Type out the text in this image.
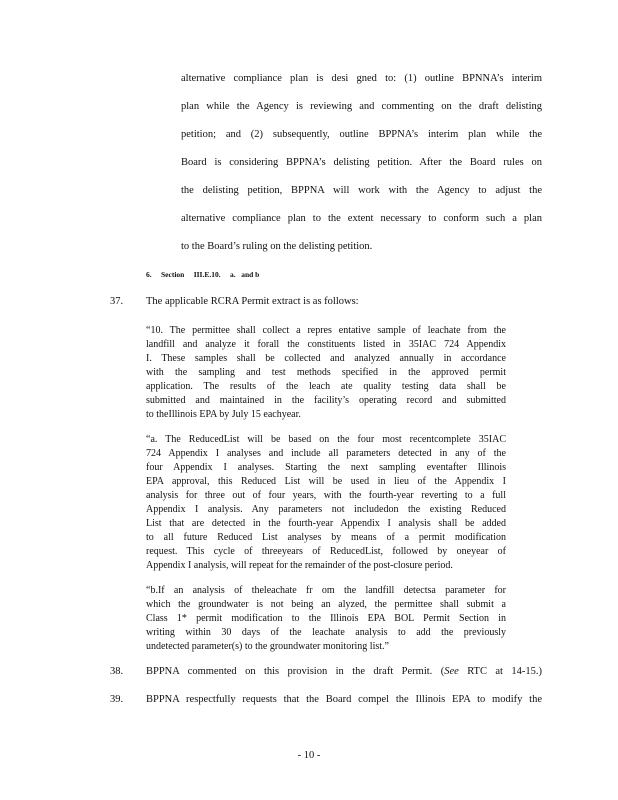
alternative compliance plan is desi gned to: (1) outline BPNNA’s interim
plan while the Agency is reviewing and commenting on the draft delisting
petition; and (2) subsequently, outline BPPNA’s interim plan while the
Board is considering BPPNA’s delisting petition. After the Board rules on
the delisting petition, BPPNA will work with the Agency to adjust the
alternative compliance plan to the extent necessary to conform such a plan
to the Board’s ruling on the delisting petition.
6.     Section     III.E.10.     a.   and b
37. The applicable RCRA Permit extract is as follows:
“10. The permittee shall collect a repres entative sample of leachate from the
landfill and analyze it forall the constituents listed in 35IAC 724 Appendix
I. These samples shall be collected and analyzed annually in accordance
with the sampling and test methods specified in the approved permit
application. The results of the leach ate quality testing data shall be
submitted and maintained in the facility’s operating record and submitted
to theIllinois EPA by July 15 eachyear.
“a. The ReducedList will be based on the four most recentcomplete 35IAC
724 Appendix I analyses and include all parameters detected in any of the
four Appendix I analyses. Starting the next sampling eventafter Illinois
EPA approval, this Reduced List will be used in lieu of the Appendix I
analysis for three out of four years, with the fourth-year reverting to a full
Appendix I analysis. Any parameters not includedon the existing Reduced
List that are detected in the fourth-year Appendix I analysis shall be added
to all future Reduced List analyses by means of a permit modification
request. This cycle of threeyears of ReducedList, followed by oneyear of
Appendix I analysis, will repeat for the remainder of the post-closure period.
“b.If an analysis of theleachate fr om the landfill detectsa parameter for
which the groundwater is not being an alyzed, the permittee shall submit a
Class 1* permit modification to the Illinois EPA BOL Permit Section in
writing within 30 days of the leachate analysis to add the previously
undetected parameter(s) to the groundwater monitoring list.”
38. BPPNA commented on this provision in the draft Permit. (See RTC at 14-15.)
39. BPPNA respectfully requests that the Board compel the Illinois EPA to modify the
- 10 -
